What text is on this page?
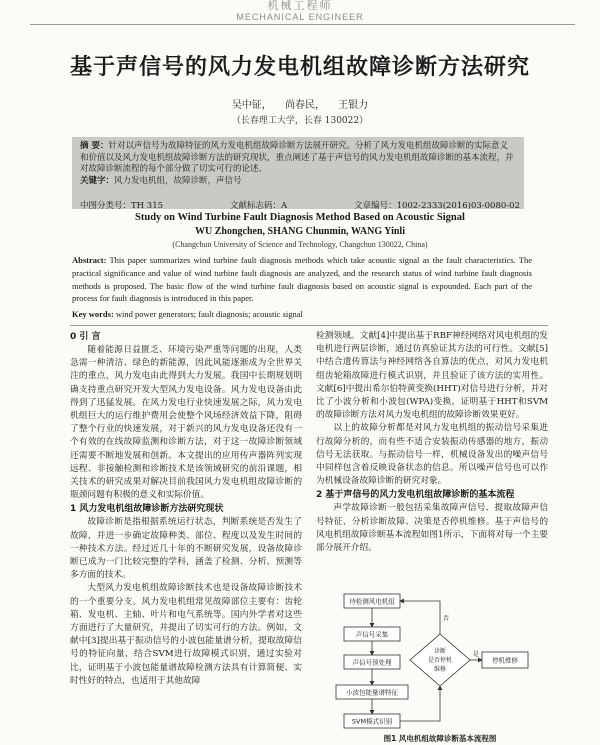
机械工程师
MECHANICAL ENGINEER
基于声信号的风力发电机组故障诊断方法研究
吴中钲， 尚春民， 王银力
（长春理工大学，长春 130022）
摘 要：针对以声信号为故障特征的风力发电机组故障诊断方法展开研究。分析了风力发电机组故障诊断的实际意义和价值以及风力发电机组故障诊断方法的研究现状，重点阐述了基于声信号的风力发电机组故障诊断的基本流程，并对故障诊断流程的每个部分做了切实可行的论述。
关键字：风力发电机组，故障诊断，声信号
中图分类号：TH 315	文献标志码：A	文章编号：1002-2333(2016)03-0080-02
Study on Wind Turbine Fault Diagnosis Method Based on Acoustic Signal
WU Zhongchen, SHANG Chunmin, WANG Yinli
(Changchun University of Science and Technology, Changchun 130022, China)
Abstract: This paper summarizes wind turbine fault diagnosis methods which take acoustic signal as the fault characteristics. The practical significance and value of wind turbine fault diagnosis are analyzed, and the research status of wind turbine fault diagnosis methods is proposed. The basic flow of the wind turbine fault diagnosis based on acoustic signal is expounded. Each part of the process for fault diagnosis is introduced in this paper.
Key words: wind power generators; fault diagnosis; acoustic signal
0 引 言

随着能源日益匮乏、环境污染严重等问题的出现，人类急需一种清洁、绿色的新能源，因此风能逐渐成为全世界关注的重点，风力发电由此得到大力发展。我国中长期规划明确支持重点研究开发大型风力发电设备。风力发电设备由此得到了迅猛发展。在风力发电行业快速发展之际，风力发电机组巨大的运行维护费用会使整个风场经济效益下降，阻碍了整个行业的快速发展，对于新兴的风力发电设备还没有一个有效的在线故障监测和诊断方法，对于这一故障诊断领域还需要不断地发展和创新。本文提出的应用传声器阵列实现远程、非接触检测和诊断技术是该领域研究的前沿课题，相关技术的研究成果对解决目前我国风力发电机组故障诊断的瓶颈问题有积极的意义和实际价值。

1 风力发电机组故障诊断方法研究现状

故障诊断是指根据系统运行状态，判断系统是否发生了故障，并进一步确定故障种类、部位、程度以及发生时间的一种技术方法。经过近几十年的不断研究发展，设备故障诊断已成为一门比较完整的学科，涵盖了检测、分析、预测等多方面的技术。

大型风力发电机组故障诊断技术也是设备故障诊断技术的一个重要分支。风力发电机组常见故障部位主要有：齿轮箱、发电机、主轴、叶片和电气系统等。国内外学者对这些方面进行了大量研究，并提出了切实可行的方法。例如，文献中[3]提出基于振动信号的小波包能量谱分析，提取故障信号的特征向量，结合SVM进行故障模式识别，通过实验对比，证明基于小波包能量谱故障检测方法具有计算简便、实时性好的特点，也适用于其他故障

检测领域。文献[4]中提出基于RBF神经网络对风电机组的发电机进行两层诊断，通过仿真验证其方法的可行性。文献[5]中结合遗传算法与神经网络各自算法的优点，对风力发电机组齿轮箱故障进行模式识别，并且验证了该方法的实用性。文献[6]中提出希尔伯特黄变换(HHT)对信号进行分析，并对比了小波分析和小波包(WPA)变换，证明基于HHT和SVM的故障诊断方法对风力发电机组的故障诊断效果更好。

以上的故障分析都是对风力发电机组的振动信号采集进行故障分析的，而有些不适合安装振动传感器的地方，振动信号无法获取。与振动信号一样，机械设备发出的噪声信号中同样包含着反映设备状态的信息。所以噪声信号也可以作为机械设备故障诊断的研究对象。

2 基于声信号的风力发电机组故障诊断的基本流程

声学故障诊断一般包括采集故障声信号、提取故障声信号特征、分析诊断故障、决策是否停机维修。基于声信号的风电机组故障诊断基本流程如图1所示，下面将对每一个主要部分展开介绍。

待检测风电机组
声信号采集
声信号预处理
小波包能量谱特征
SVM模式识别
诊断
是否停机
维修
停机维修
是
否
图1 风电机组故障诊断基本流程图
